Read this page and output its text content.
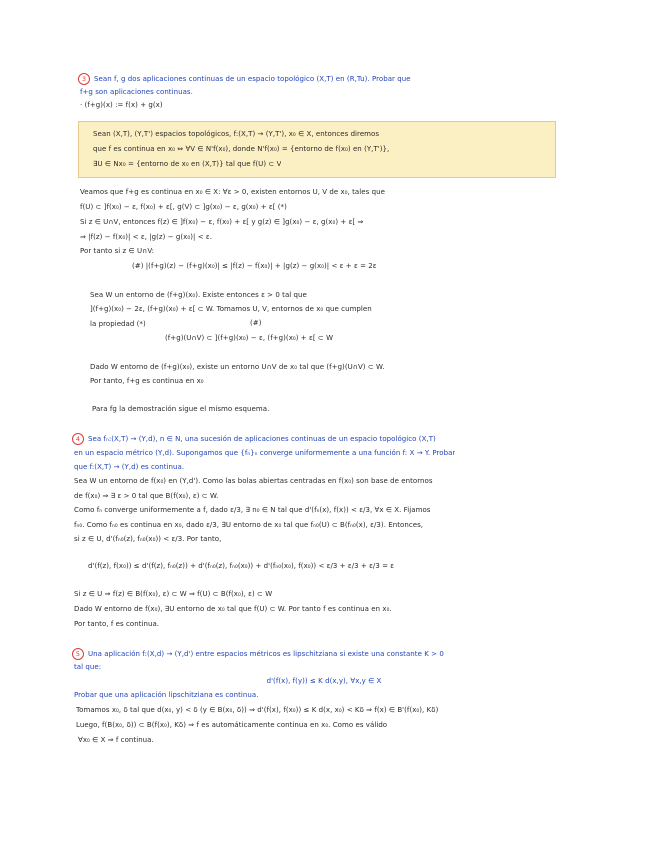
3 Sean f, g dos aplicaciones continuas de un espacio topológico (X,T) en (R,Tu). Probar que
f+g son aplicaciones continuas.
· (f+g)(x) := f(x) + g(x)
Sean (X,T), (Y,T') espacios topológicos, f:(X,T) → (Y,T'), x₀ ∈ X, entonces diremos
que f es continua en x₀ ⇔ ∀V ∈ N'f(x₀), donde N'f(x₀) = {entorno de f(x₀) en (Y,T')},
∃U ∈ Nx₀ = {entorno de x₀ en (X,T)} tal que f(U) ⊂ V
Veamos que f+g es continua en x₀ ∈ X: ∀ε > 0, existen entornos U, V de x₀, tales que
f(U) ⊂ ]f(x₀) − ε, f(x₀) + ε[, g(V) ⊂ ]g(x₀) − ε, g(x₀) + ε[ (*)
Si z ∈ U∩V, entonces f(z) ∈ ]f(x₀) − ε, f(x₀) + ε[ y g(z) ∈ ]g(x₀) − ε, g(x₀) + ε[ ⇒
⇒ |f(z) − f(x₀)| < ε, |g(z) − g(x₀)| < ε.
Por tanto si z ∈ U∩V:
(#) |(f+g)(z) − (f+g)(x₀)| ≤ |f(z) − f(x₀)| + |g(z) − g(x₀)| < ε + ε = 2ε
Sea W un entorno de (f+g)(x₀). Existe entonces ε > 0 tal que
](f+g)(x₀) − 2ε, (f+g)(x₀) + ε[ ⊂ W. Tomamos U, V, entornos de x₀ que cumplen
la propiedad (*)	(#)
(f+g)(U∩V) ⊂ ](f+g)(x₀) − ε, (f+g)(x₀) + ε[ ⊂ W
Dado W entorno de (f+g)(x₀), existe un entorno U∩V de x₀ tal que (f+g)(U∩V) ⊂ W.
Por tanto, f+g es continua en x₀
Para fg la demostración sigue el mismo esquema.
4 Sea fₙ:(X,T) → (Y,d), n ∈ N, una sucesión de aplicaciones continuas de un espacio topológico (X,T)
en un espacio métrico (Y,d). Supongamos que {fₙ}ₙ converge uniformemente a una función f: X → Y. Probar
que f:(X,T) → (Y,d) es continua.
Sea W un entorno de f(x₀) en (Y,d'). Como las bolas abiertas centradas en f(x₀) son base de entornos
de f(x₀) ⇒ ∃ ε > 0 tal que B(f(x₀), ε) ⊂ W.
Como fₙ converge uniformemente a f, dado ε/3, ∃ n₀ ∈ N tal que d'(fₙ(x), f(x)) < ε/3, ∀x ∈ X. Fijamos
fₙ₀. Como fₙ₀ es continua en x₀, dado ε/3, ∃U entorno de x₀ tal que fₙ₀(U) ⊂ B(fₙ₀(x), ε/3). Entonces,
si z ∈ U, d'(fₙ₀(z), fₙ₀(x₀)) < ε/3. Por tanto,
d'(f(z), f(x₀)) ≤ d'(f(z), fₙ₀(z)) + d'(fₙ₀(z), fₙ₀(x₀)) + d'(fₙ₀(x₀), f(x₀)) < ε/3 + ε/3 + ε/3 = ε
Si z ∈ U ⇒ f(z) ∈ B(f(x₀), ε) ⊂ W ⇒ f(U) ⊂ B(f(x₀), ε) ⊂ W
Dado W entorno de f(x₀), ∃U entorno de x₀ tal que f(U) ⊂ W. Por tanto f es continua en x₀.
Por tanto, f es continua.
5 Una aplicación f:(X,d) → (Y,d') entre espacios métricos es lipschitziana si existe una constante K > 0
tal que:
d'(f(x), f(y)) ≤ K d(x,y), ∀x,y ∈ X
Probar que una aplicación lipschitziana es continua.
Tomamos x₀, δ tal que d(x₀, y) < δ (y ∈ B(x₀, δ)) ⇒ d'(f(x), f(x₀)) ≤ K d(x, x₀) < Kδ ⇒ f(x) ∈ B'(f(x₀), Kδ)
Luego, f(B(x₀, δ)) ⊂ B(f(x₀), Kδ) ⇒ f es automáticamente continua en x₀. Como es válido
∀x₀ ∈ X ⇒ f continua.
